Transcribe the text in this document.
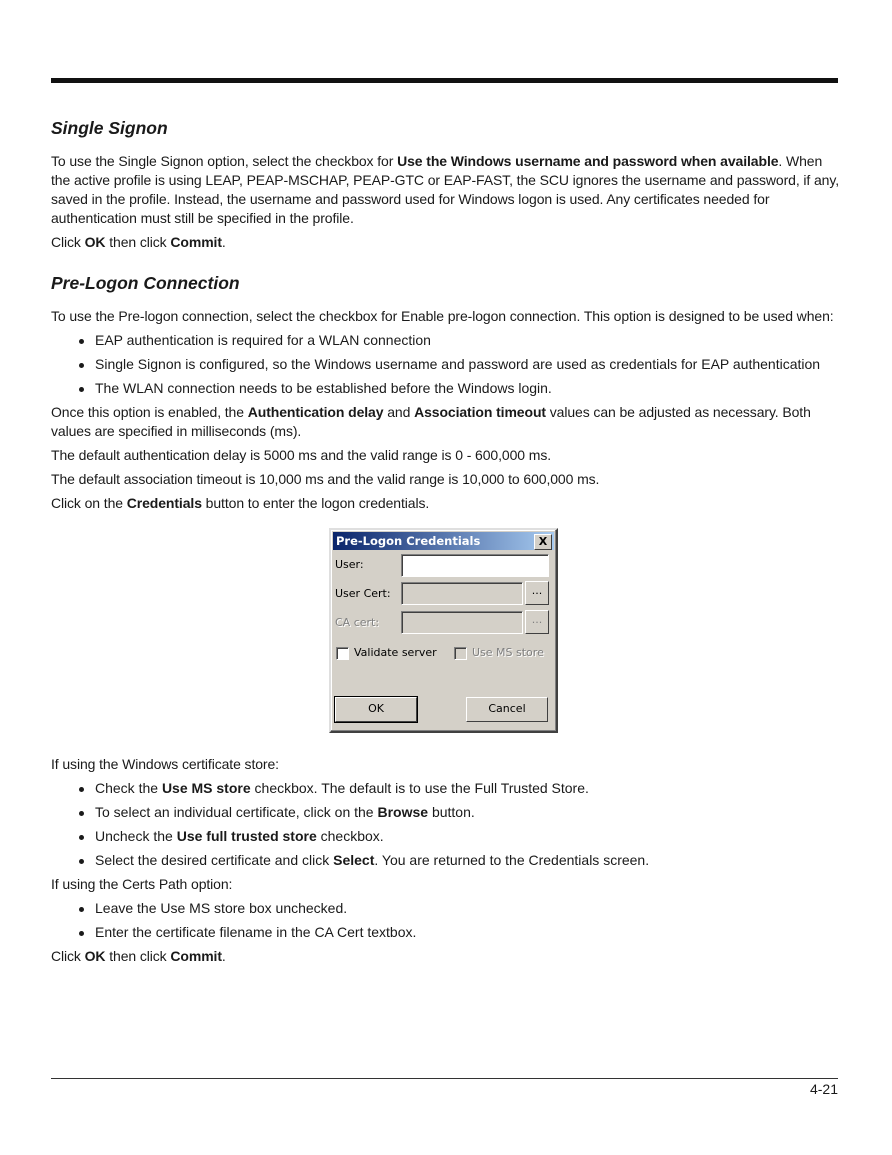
Single Signon

To use the Single Signon option, select the checkbox for Use the Windows username and password when available. When the active profile is using LEAP, PEAP-MSCHAP, PEAP-GTC or EAP-FAST, the SCU ignores the username and password, if any, saved in the profile. Instead, the username and password used for Windows logon is used. Any certificates needed for authentication must still be specified in the profile.

Click OK then click Commit.

Pre-Logon Connection

To use the Pre-logon connection, select the checkbox for Enable pre-logon connection. This option is designed to be used when:

EAP authentication is required for a WLAN connection
Single Signon is configured, so the Windows username and password are used as credentials for EAP authentication
The WLAN connection needs to be established before the Windows login.

Once this option is enabled, the Authentication delay and Association timeout values can be adjusted as necessary. Both values are specified in milliseconds (ms).

The default authentication delay is 5000 ms and the valid range is 0 - 600,000 ms.

The default association timeout is 10,000 ms and the valid range is 10,000 to 600,000 ms.

Click on the Credentials button to enter the logon credentials.

Pre-Logon Credentials	X
User:
User Cert:	...
CA cert:	...
Validate server	Use MS store
OK	Cancel

If using the Windows certificate store:

Check the Use MS store checkbox. The default is to use the Full Trusted Store.
To select an individual certificate, click on the Browse button.
Uncheck the Use full trusted store checkbox.
Select the desired certificate and click Select. You are returned to the Credentials screen.

If using the Certs Path option:

Leave the Use MS store box unchecked.
Enter the certificate filename in the CA Cert textbox.

Click OK then click Commit.

4-21
